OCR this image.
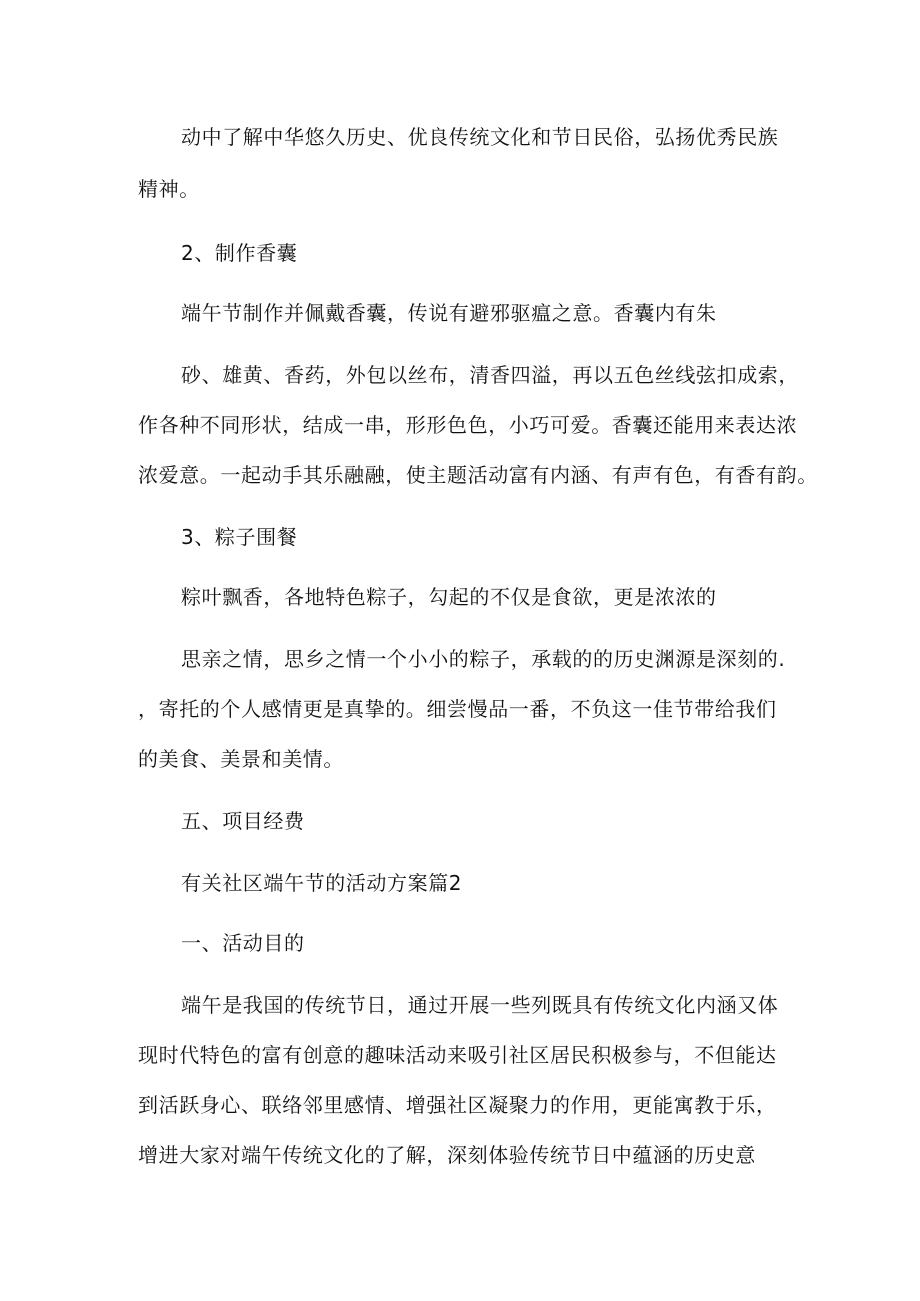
动中了解中华悠久历史、优良传统文化和节日民俗，弘扬优秀民族
精神。
2、制作香囊
端午节制作并佩戴香囊，传说有避邪驱瘟之意。香囊内有朱
砂、雄黄、香药，外包以丝布，清香四溢，再以五色丝线弦扣成索，
作各种不同形状，结成一串，形形色色，小巧可爱。香囊还能用来表达浓
浓爱意。一起动手其乐融融，使主题活动富有内涵、有声有色，有香有韵。
3、粽子围餐
粽叶飘香，各地特色粽子，勾起的不仅是食欲，更是浓浓的
思亲之情，思乡之情一个小小的粽子，承载的的历史渊源是深刻的.
，寄托的个人感情更是真挚的。细尝慢品一番，不负这一佳节带给我们
的美食、美景和美情。
五、项目经费
有关社区端午节的活动方案篇2
一、活动目的
端午是我国的传统节日，通过开展一些列既具有传统文化内涵又体
现时代特色的富有创意的趣味活动来吸引社区居民积极参与，不但能达
到活跃身心、联络邻里感情、增强社区凝聚力的作用，更能寓教于乐，
增进大家对端午传统文化的了解，深刻体验传统节日中蕴涵的历史意
